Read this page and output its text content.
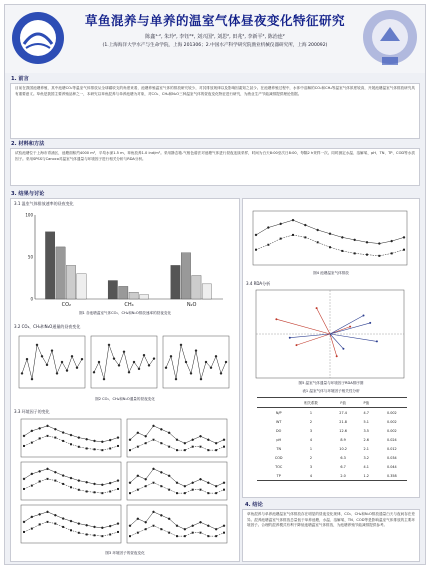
草鱼混养与单养的温室气体昼夜变化特征研究
陈鑫¹ˑ², 朱玲², 李钰²*, 刘兴国², 刘思², 田兆², 李新平², 陈治连²
(1.上海海洋大学水产与生命学院，上海 201306；2.中国水产科学研究院渔业机械仪器研究所，上海 200092)
1. 前言
目前在我国池塘养殖，其中池塘CO₂等温室气体排放从全球碳收支的角度来看，池塘养殖温室气体的排放研究较少，对其排放规律以及影响因素知之甚少。在池塘养殖过程中，水体中溶解的CO₂和CH₄等温室气体浓度较高，开展池塘温室气体排放研究具有重要意义。草鱼是我国主要养殖品种之一，本研究以草鱼混养与单养池塘为对象，对CO₂、CH₄和N₂O三种温室气体的昼夜变化特征进行研究，为渔业生产节能减排提供理论依据。
2. 材料和方法
试验池塘位于上海市青浦区，池塘面积约4000 m²，平均水深1.5 m，草鱼放养1.0 ind/m²。采用静态箱-气相色谱法对池塘气体进行昼夜连续采样，时间为白天8:00至次日8:00，每隔2 h采样一次。同时测定水温、溶解氧、pH、TN、TP、COD等水质因子。采用SPSS与Canoco对温室气体通量与环境因子进行相关分析与RDA分析。
3. 结果与讨论
3.1 温室气体排放速率的昼夜变化
CO₂	CH₄	N₂O
0
50
100
图1 各池塘温室气体CO₂、CH₄和N₂O排放速率的昼夜变化
3.2 CO₂、CH₄和N₂O通量的昼夜变化
图2 CO₂、CH₄和N₂O通量的昼夜变化
3.3 环境因子的变化
图3 环境因子的昼夜变化
图4 池塘温室气体排放
3.4 RDA分析
图5 温室气体通量与环境因子RDA排序图
表1 温室气体与环境因子相关性分析
		相关系数	F值	P值	
	N/P	1	27.4	4.7	0.002
	WT	2	21.8	5.1	0.002
	DO	3	12.6	3.5	0.002
	pH	4	8.9	2.6	0.024
	TN	1	10.2	2.1	0.012
	COD	2	6.3	3.2	0.034
	TOC	3	6.7	4.1	0.044
	TP	4	2.0	1.2	0.358
4. 结论
草鱼混养与单养池塘温室气体排放存在明显的昼夜变化规律，CO₂、CH₄和N₂O排放通量白天与夜间存在差异。混养池塘温室气体排放总量低于单养池塘，水温、溶解氧、TN、COD等是影响温室气体排放的主要环境因子。合理的混养模式有利于降低池塘温室气体排放，为池塘养殖节能减排提供参考。
